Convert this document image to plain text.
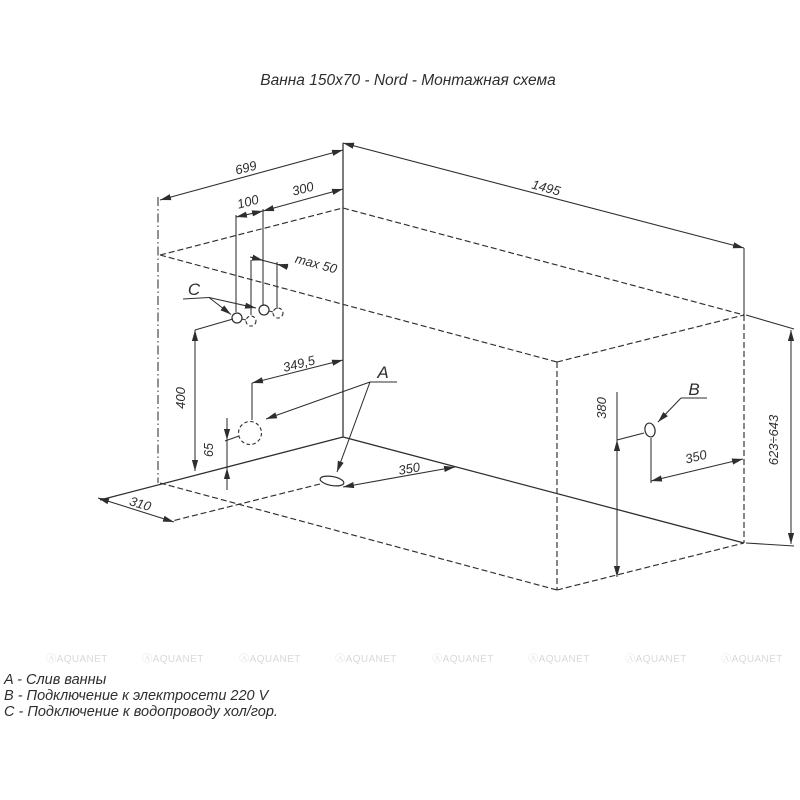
Ванна 150x70 - Nord - Монтажная схема
699
1495
300
100
max 50
C
400
349,5
65
A
310
350
B
380
350	623÷643
ⒶAQUANET	ⒶAQUANET	ⒶAQUANET	ⒶAQUANET	ⒶAQUANET	ⒶAQUANET	ⒶAQUANET	ⒶAQUANET
A - Слив ванны
B - Подключение к электросети 220 V
C - Подключение к водопроводу хол/гор.
